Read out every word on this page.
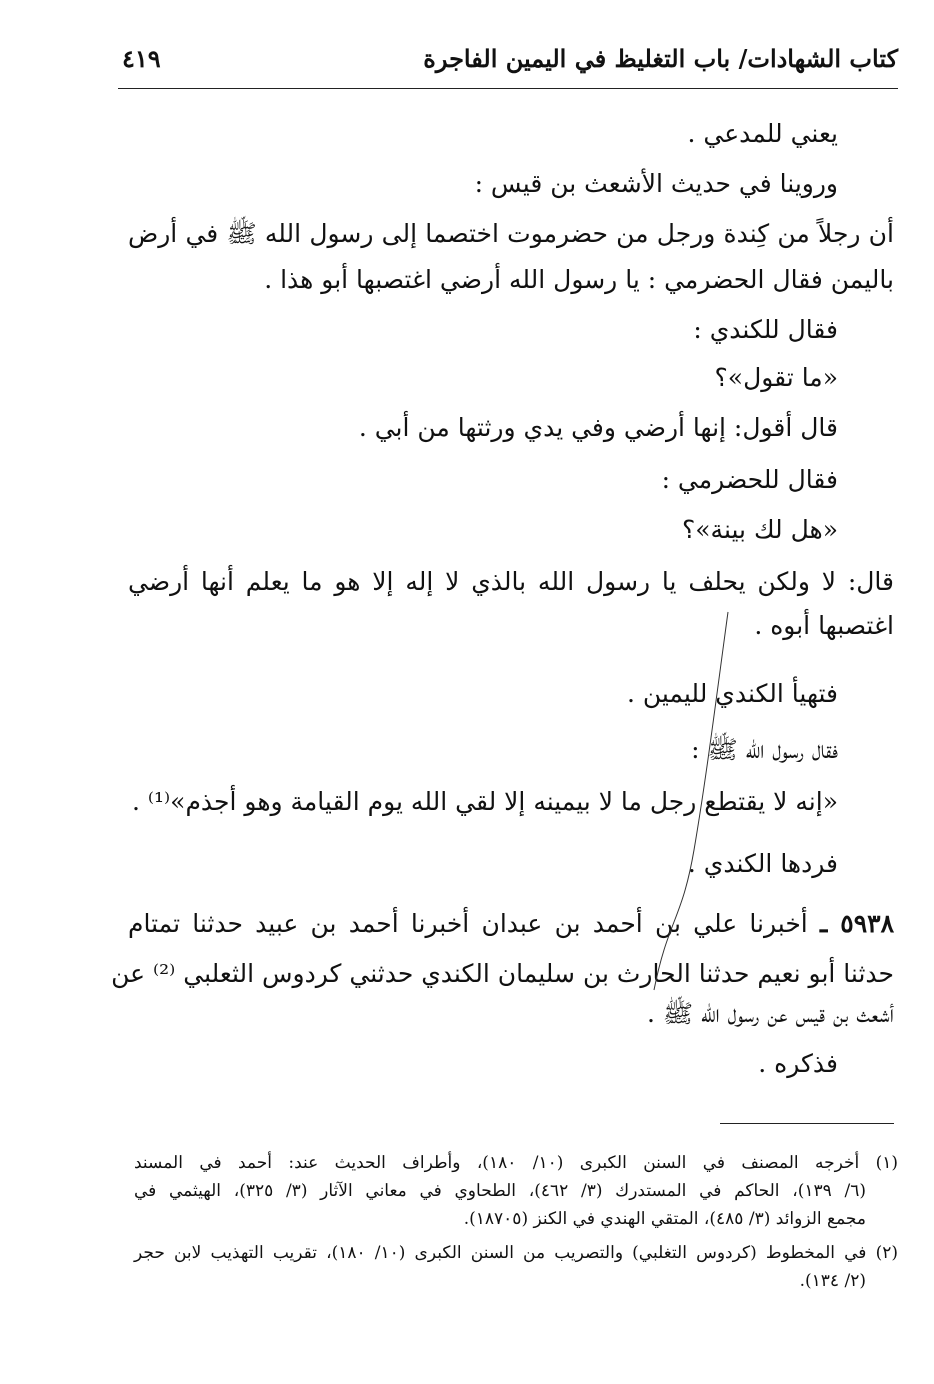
كتاب الشهادات/ باب التغليظ في اليمين الفاجرة
٤١٩
يعني للمدعي .
وروينا في حديث الأشعث بن قيس :
أن رجلاً من كِندة ورجل من حضرموت اختصما إلى رسول الله ﷺ في أرض
باليمن فقال الحضرمي : يا رسول الله أرضي اغتصبها أبو هذا .
فقال للكندي :
«ما تقول»؟
قال أقول: إنها أرضي وفي يدي ورثتها من أبي .
فقال للحضرمي :
«هل لك بينة»؟
قال: لا ولكن يحلف يا رسول الله بالذي لا إله إلا هو ما يعلم أنها أرضي
اغتصبها أبوه .
فتهيأ الكندي لليمين .
فقال رسول الله ﷺ :
«إنه لا يقتطع رجل ما لا بيمينه إلا لقي الله يوم القيامة وهو أجذم»⁽¹⁾ .
فردها الكندي .
٥٩٣٨ ـ أخبرنا علي بن أحمد بن عبدان أخبرنا أحمد بن عبيد حدثنا تمتام
حدثنا أبو نعيم حدثنا الحارث بن سليمان الكندي حدثني كردوس الثعلبي ⁽²⁾ عن
أشعث بن قيس عن رسول الله ﷺ .
فذكره .
(١) أخرجه المصنف في السنن الكبرى (١٠/ ١٨٠)، وأطراف الحديث عند: أحمد في المسند
(٦/ ١٣٩)، الحاكم في المستدرك (٣/ ٤٦٢)، الطحاوي في معاني الآثار (٣/ ٣٢٥)، الهيثمي في
مجمع الزوائد (٣/ ٤٨٥)، المتقي الهندي في الكنز (١٨٧٠٥).
(٢) في المخطوط (كردوس التغلبي) والتصريب من السنن الكبرى (١٠/ ١٨٠)، تقريب التهذيب لابن حجر
(٢/ ١٣٤).
